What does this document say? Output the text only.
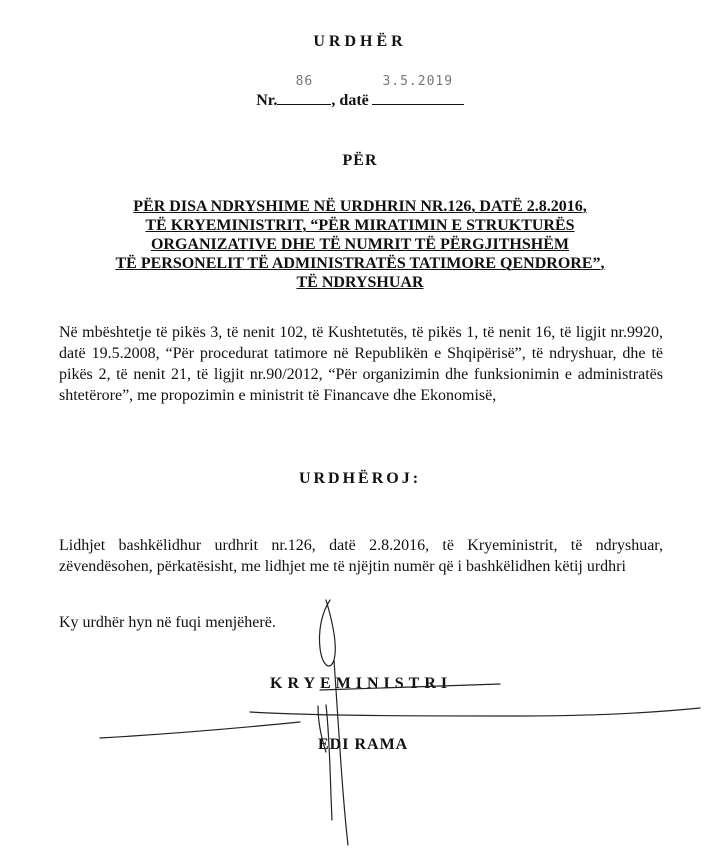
URDHËR
Nr.
86
, datë
3.5.2019
PËR
PËR DISA NDRYSHIME NË URDHRIN NR.126, DATË 2.8.2016,
TË KRYEMINISTRIT, “PËR MIRATIMIN E STRUKTURËS
ORGANIZATIVE DHE TË NUMRIT TË PËRGJITHSHËM
TË PERSONELIT TË ADMINISTRATËS TATIMORE QENDRORE”,
TË NDRYSHUAR
Në mbështetje të pikës 3, të nenit 102, të Kushtetutës, të pikës 1, të nenit 16, të ligjit nr.9920, datë 19.5.2008, “Për procedurat tatimore në Republikën e Shqipërisë”, të ndryshuar, dhe të pikës 2, të nenit 21, të ligjit nr.90/2012, “Për organizimin dhe funksionimin e administratës shtetërore”, me propozimin e ministrit të Financave dhe Ekonomisë,
URDHËROJ:
Lidhjet bashkëlidhur urdhrit nr.126, datë 2.8.2016, të Kryeministrit, të ndryshuar, zëvendësohen, përkatësisht, me lidhjet me të njëjtin numër që i bashkëlidhen këtij urdhri
Ky urdhër hyn në fuqi menjëherë.
KRYEMINISTRI
EDI RAMA
